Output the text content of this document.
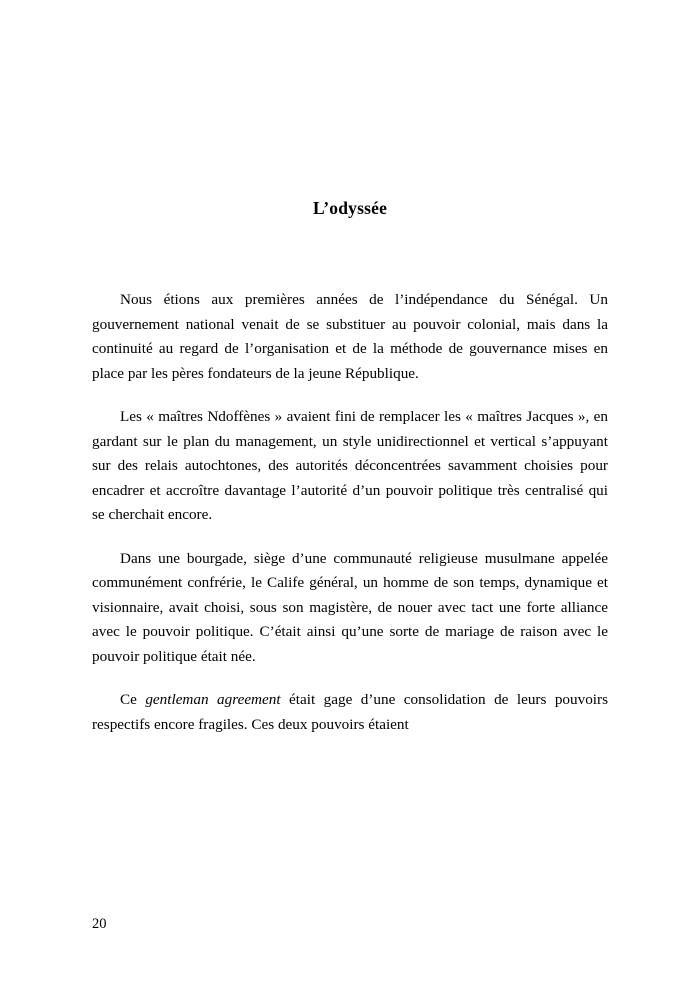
L’odyssée

Nous étions aux premières années de l’indépendance du Sénégal. Un gouvernement national venait de se substituer au pouvoir colonial, mais dans la continuité au regard de l’organisation et de la méthode de gouvernance mises en place par les pères fondateurs de la jeune République.

Les « maîtres Ndoffènes » avaient fini de remplacer les « maîtres Jacques », en gardant sur le plan du management, un style unidirectionnel et vertical s’appuyant sur des relais autochtones, des autorités déconcentrées savamment choisies pour encadrer et accroître davantage l’autorité d’un pouvoir politique très centralisé qui se cherchait encore.

Dans une bourgade, siège d’une communauté religieuse musulmane appelée communément confrérie, le Calife général, un homme de son temps, dynamique et visionnaire, avait choisi, sous son magistère, de nouer avec tact une forte alliance avec le pouvoir politique. C’était ainsi qu’une sorte de mariage de raison avec le pouvoir politique était née.

Ce gentleman agreement était gage d’une consolidation de leurs pouvoirs respectifs encore fragiles. Ces deux pouvoirs étaient

20
